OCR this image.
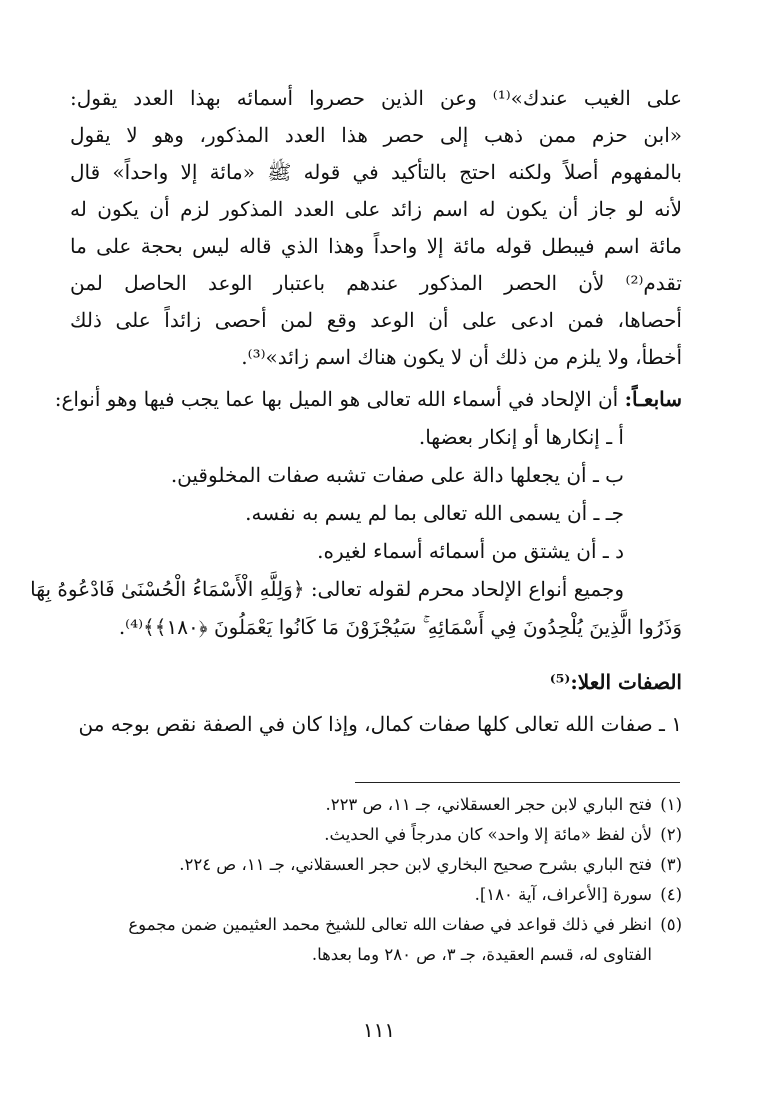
على الغيب عندك»⁽¹⁾ وعن الذين حصروا أسمائه بهذا العدد يقول:
«ابن حزم ممن ذهب إلى حصر هذا العدد المذكور، وهو لا يقول
بالمفهوم أصلاً ولكنه احتج بالتأكيد في قوله ﷺ «مائة إلا واحداً» قال
لأنه لو جاز أن يكون له اسم زائد على العدد المذكور لزم أن يكون له
مائة اسم فيبطل قوله مائة إلا واحداً وهذا الذي قاله ليس بحجة على ما
تقدم⁽²⁾ لأن الحصر المذكور عندهم باعتبار الوعد الحاصل لمن
أحصاها، فمن ادعى على أن الوعد وقع لمن أحصى زائداً على ذلك
أخطأ، ولا يلزم من ذلك أن لا يكون هناك اسم زائد»⁽³⁾.
سابعـاً: أن الإلحاد في أسماء الله تعالى هو الميل بها عما يجب فيها وهو أنواع:
أ ـ إنكارها أو إنكار بعضها.
ب ـ أن يجعلها دالة على صفات تشبه صفات المخلوقين.
جـ ـ أن يسمى الله تعالى بما لم يسم به نفسه.
د ـ أن يشتق من أسمائه أسماء لغيره.
وجميع أنواع الإلحاد محرم لقوله تعالى: ﴿وَلِلَّهِ الْأَسْمَاءُ الْحُسْنَىٰ فَادْعُوهُ بِهَا
وَذَرُوا الَّذِينَ يُلْحِدُونَ فِي أَسْمَائِهِ ۚ سَيُجْزَوْنَ مَا كَانُوا يَعْمَلُونَ ﴿١٨٠﴾﴾⁽⁴⁾.
الصفات العلا:⁽⁵⁾
١ ـ صفات الله تعالى كلها صفات كمال، وإذا كان في الصفة نقص بوجه من
(١)فتح الباري لابن حجر العسقلاني، جـ ١١، ص ٢٢٣.
(٢)لأن لفظ «مائة إلا واحد» كان مدرجاً في الحديث.
(٣)فتح الباري بشرح صحيح البخاري لابن حجر العسقلاني، جـ ١١، ص ٢٢٤.
(٤)سورة [الأعراف، آية ١٨٠].
(٥)انظر في ذلك قواعد في صفات الله تعالى للشيخ محمد العثيمين ضمن مجموع
الفتاوى له، قسم العقيدة، جـ ٣، ص ٢٨٠ وما بعدها.
١١١
